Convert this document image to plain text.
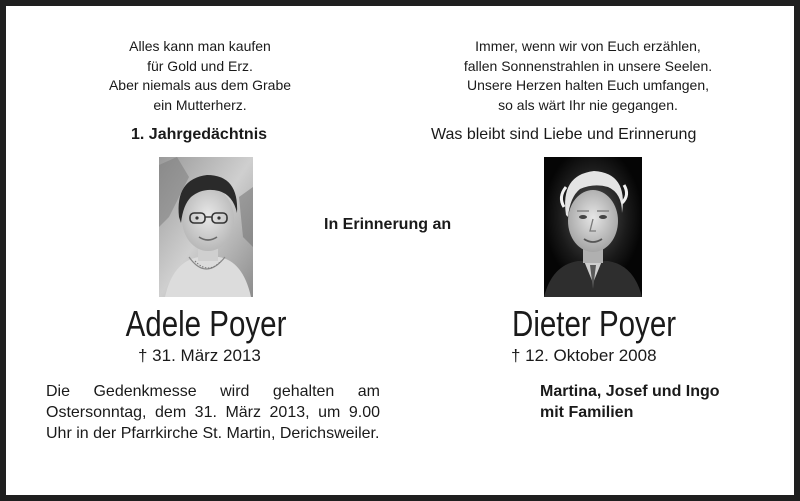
Alles kann man kaufen
für Gold und Erz.
Aber niemals aus dem Grabe
ein Mutterherz.
Immer, wenn wir von Euch erzählen,
fallen Sonnenstrahlen in unsere Seelen.
Unsere Herzen halten Euch umfangen,
so als wärt Ihr nie gegangen.
1. Jahrgedächtnis	Was bleibt sind Liebe und Erinnerung
In Erinnerung an
Adele Poyer	Dieter Poyer
† 31. März 2013	† 12. Oktober 2008
Die Gedenkmesse wird gehalten am Ostersonntag, dem 31. März 2013, um 9.00 Uhr in der Pfarrkirche St. Martin, Derichsweiler.
Martina, Josef und Ingo
mit Familien
